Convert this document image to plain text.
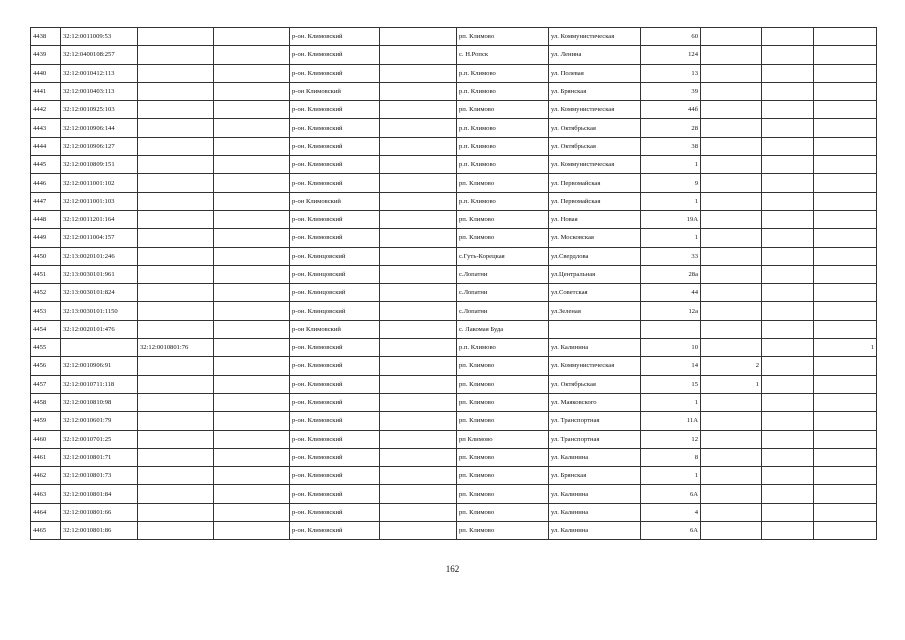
4438	32:12:0011009:53			р-он. Климовский		рп. Климово	ул. Коммунистическая	60			
4439	32:12:0400108:257			р-он. Климовский		с. Н.Ропск	ул. Ленина	124			
4440	32:12:0010412:113			р-он. Климовский		р.п. Климово	ул. Полевая	13			
4441	32:12:0010403:113			р-он Климовский		р.п. Климово	ул. Брянская	39			
4442	32:12:0010925:103			р-он. Климовский		рп. Климово	ул. Коммунистическая	44б			
4443	32:12:0010906:144			р-он. Климовский		р.п. Климово	ул. Октябрьская	28			
4444	32:12:0010906:127			р-он. Климовский		р.п. Климово	ул. Октябрьская	38			
4445	32:12:0010809:151			р-он. Климовский		р.п. Климово	ул. Коммунистическая	1			
4446	32:12:0011001:102			р-он. Климовский		рп. Климово	ул. Первомайская	9			
4447	32:12:0011001:103			р-он Климовский		р.п. Климово	ул. Первомайская	1			
4448	32:12:0011201:164			р-он. Климовский		рп. Климово	ул. Новая	19А			
4449	32:12:0011004:157			р-он. Климовский		рп. Климово	ул. Московская	1			
4450	32:13:0020101:246			р-он. Клинцовский		с.Гуть-Корецкая	ул.Свердлова	33			
4451	32:13:0030101:961			р-он. Клинцовский		с.Лопатни	ул.Центральная	28а			
4452	32:13:0030101:824			р-он. Клинцовский		с.Лопатни	ул.Советская	44			
4453	32:13:0030101:1150			р-он. Клинцовский		с.Лопатни	ул.Зеленая	12а			
4454	32:12:0020101:476			р-он Климовский		с. Лакомая Буда					
4455		32:12:0010801:76		р-он. Климовский		р.п. Климово	ул. Калинина	10			1
4456	32:12:0010906:91			р-он. Климовский		рп. Климово	ул. Коммунистическая	14	2		
4457	32:12:0010711:118			р-он. Климовский		рп. Климово	ул. Октябрьская	15	1		
4458	32:12:0010810:98			р-он. Климовский		рп. Климово	ул. Маяковского	1			
4459	32:12:0010601:79			р-он. Климовский		рп. Климово	ул. Транспортная	11А			
4460	32:12:0010701:25			р-он. Климовский		рп Климово	ул. Транспортная	12			
4461	32:12:0010801:71			р-он. Климовский		рп. Климово	ул. Калинина	8			
4462	32:12:0010801:73			р-он. Климовский		рп. Климово	ул. Брянская	1			
4463	32:12:0010801:84			р-он. Климовский		рп. Климово	ул. Калинина	6А			
4464	32:12:0010801:66			р-он. Климовский		рп. Климово	ул. Калинина	4			
4465	32:12:0010801:86			р-он. Климовский		рп. Климово	ул. Калинина	6А			
162
